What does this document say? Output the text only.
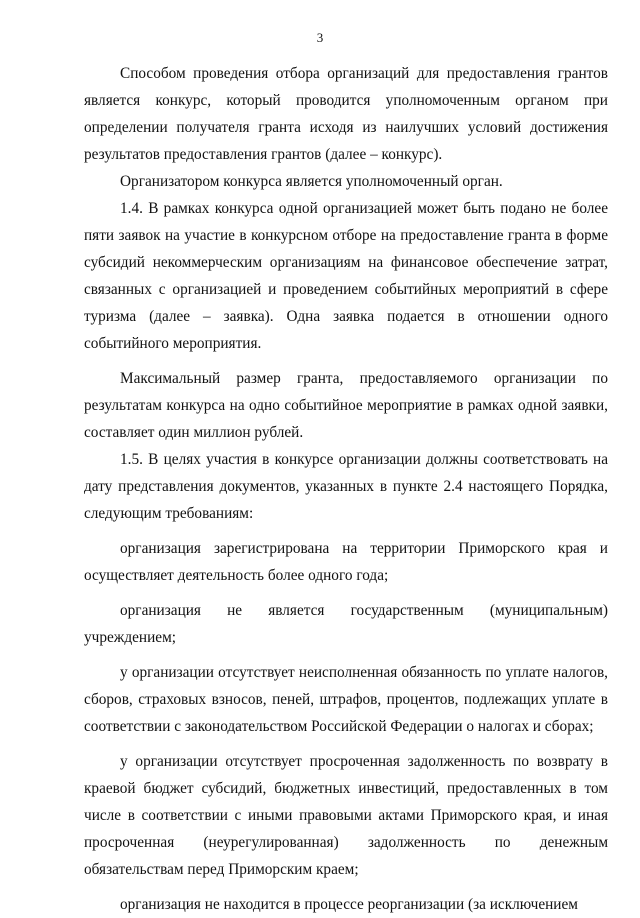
3

Способом проведения отбора организаций для предоставления грантов является конкурс, который проводится уполномоченным органом при определении получателя гранта исходя из наилучших условий достижения результатов предоставления грантов (далее – конкурс).

Организатором конкурса является уполномоченный орган.

1.4. В рамках конкурса одной организацией может быть подано не более пяти заявок на участие в конкурсном отборе на предоставление гранта в форме субсидий некоммерческим организациям на финансовое обеспечение затрат, связанных с организацией и проведением событийных мероприятий в сфере туризма (далее – заявка). Одна заявка подается в отношении одного событийного мероприятия.

Максимальный размер гранта, предоставляемого организации по результатам конкурса на одно событийное мероприятие в рамках одной заявки, составляет один миллион рублей.

1.5. В целях участия в конкурсе организации должны соответствовать на дату представления документов, указанных в пункте 2.4 настоящего Порядка, следующим требованиям:

организация зарегистрирована на территории Приморского края и осуществляет деятельность более одного года;

организация не является государственным (муниципальным) учреждением;

у организации отсутствует неисполненная обязанность по уплате налогов, сборов, страховых взносов, пеней, штрафов, процентов, подлежащих уплате в соответствии с законодательством Российской Федерации о налогах и сборах;

у организации отсутствует просроченная задолженность по возврату в краевой бюджет субсидий, бюджетных инвестиций, предоставленных в том числе в соответствии с иными правовыми актами Приморского края, и иная просроченная (неурегулированная) задолженность по денежным обязательствам перед Приморским краем;

организация не находится в процессе реорганизации (за исключением
